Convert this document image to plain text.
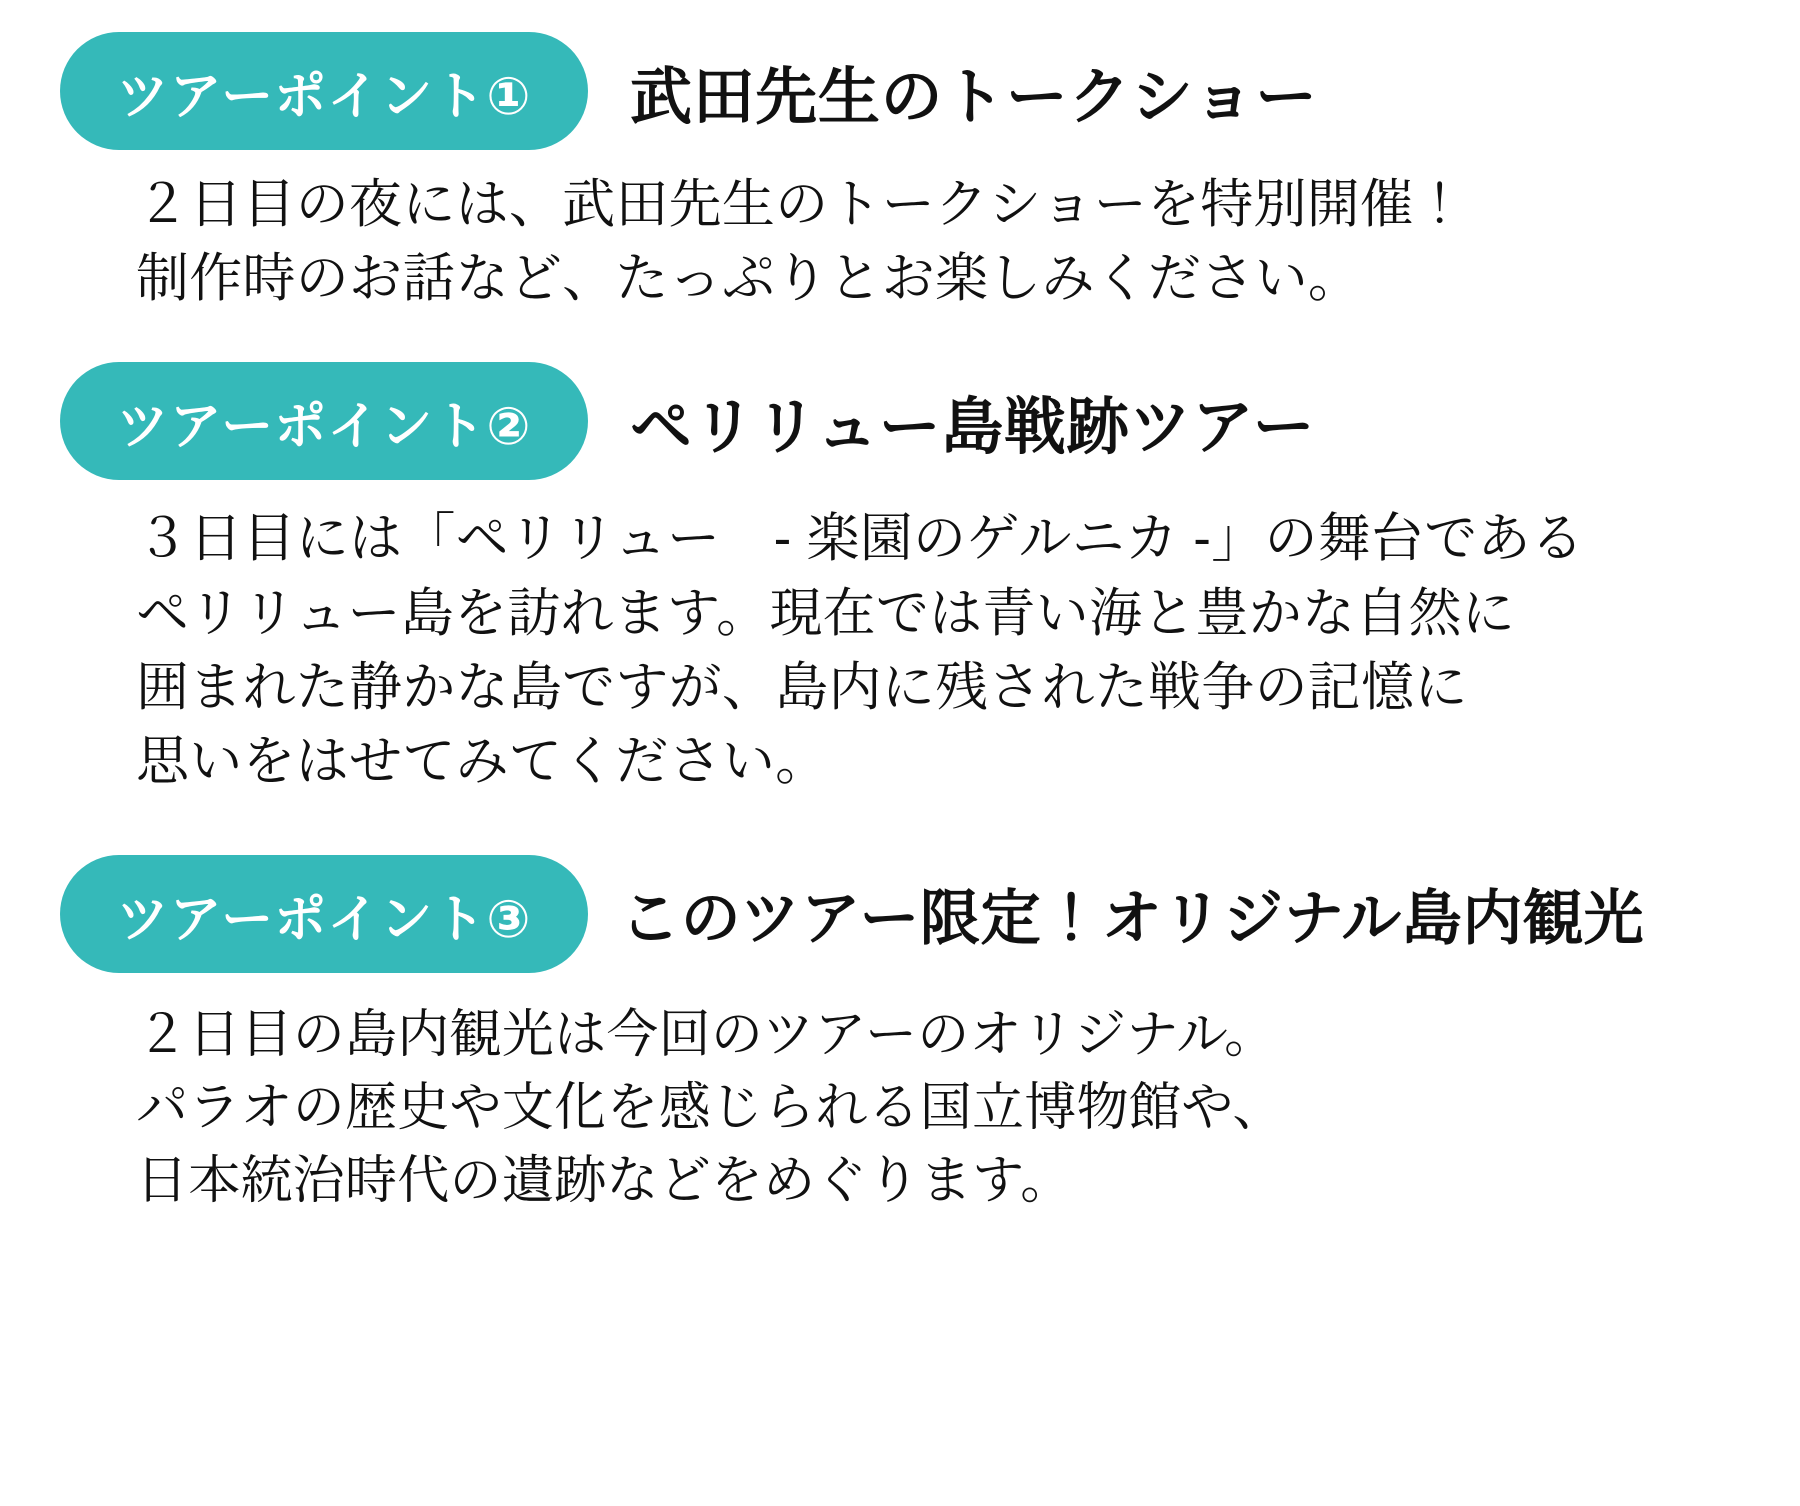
ツアーポイント①	武田先生のトークショー
２日目の夜には、武田先生のトークショーを特別開催！
制作時のお話など、たっぷりとお楽しみください。
ツアーポイント②	ペリリュー島戦跡ツアー
３日目には「ペリリュー　- 楽園のゲルニカ -」の舞台である
ペリリュー島を訪れます。現在では青い海と豊かな自然に
囲まれた静かな島ですが、島内に残された戦争の記憶に
思いをはせてみてください。
ツアーポイント③	このツアー限定！オリジナル島内観光
２日目の島内観光は今回のツアーのオリジナル。
パラオの歴史や文化を感じられる国立博物館や、
日本統治時代の遺跡などをめぐります。
